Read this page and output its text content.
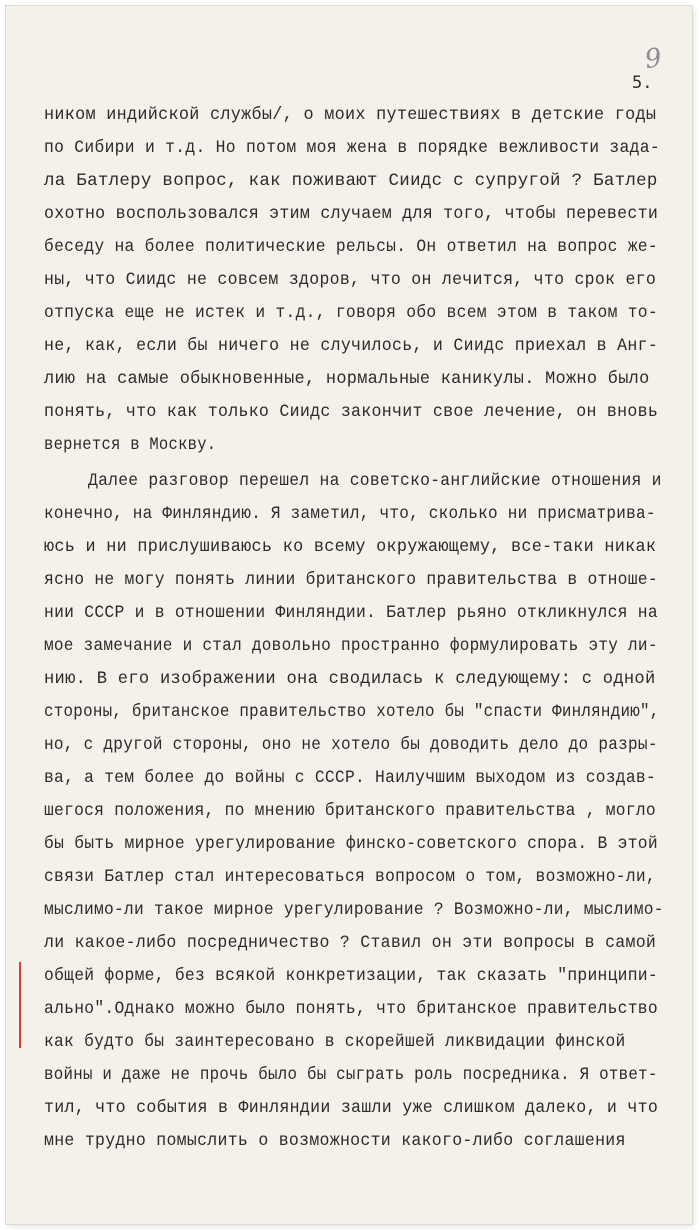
9
5.
ником индийской службы/, о моих путешествиях в детские годы
по Сибири и т.д. Но потом моя жена в порядке вежливости зада-
ла Батлеру вопрос, как поживают Сиидс с супругой ? Батлер
охотно воспользовался этим случаем для того, чтобы перевести
беседу на более политические рельсы. Он ответил на вопрос же-
ны, что Сиидс не совсем здоров, что он лечится, что срок его
отпуска еще не истек и т.д., говоря обо всем этом в таком то-
не, как, если бы ничего не случилось, и Сиидс приехал в Анг-
лию на самые обыкновенные, нормальные каникулы. Можно было
понять, что как только Сиидс закончит свое лечение, он вновь
вернется в Москву.
Далее разговор перешел на советско-английские отношения и
конечно, на Финляндию. Я заметил, что, сколько ни присматрива-
юсь и ни прислушиваюсь ко всему окружающему, все-таки никак
ясно не могу понять линии британского правительства в отноше-
нии СССР и в отношении Финляндии. Батлер рьяно откликнулся на
мое замечание и стал довольно пространно формулировать эту ли-
нию. В его изображении она сводилась к следующему: с одной
стороны, британское правительство хотело бы "спасти Финляндию",
но, с другой стороны, оно не хотело бы доводить дело до разры-
ва, а тем более до войны с СССР. Наилучшим выходом из создав-
шегося положения, по мнению британского правительства , могло
бы быть мирное урегулирование финско-советского спора. В этой
связи Батлер стал интересоваться вопросом о том, возможно-ли,
мыслимо-ли такое мирное урегулирование ? Возможно-ли, мыслимо-
ли какое-либо посредничество ? Ставил он эти вопросы в самой
общей форме, без всякой конкретизации, так сказать "принципи-
ально".Однако можно было понять, что британское правительство
как будто бы заинтересовано в скорейшей ликвидации финской
войны и даже не прочь было бы сыграть роль посредника. Я ответ-
тил, что события в Финляндии зашли уже слишком далеко, и что
мне трудно помыслить о возможности какого-либо соглашения
